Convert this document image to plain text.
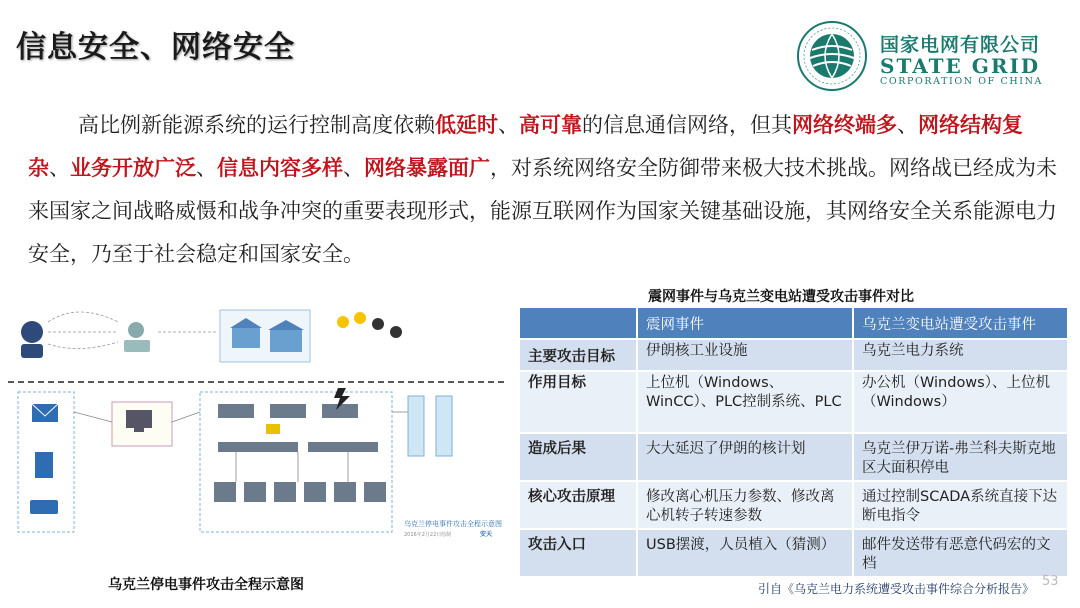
信息安全、网络安全	国家电网有限公司
STATE GRID
CORPORATION OF CHINA
高比例新能源系统的运行控制高度依赖低延时、高可靠的信息通信网络，但其网络终端多、网络结构复杂、业务开放广泛、信息内容多样、网络暴露面广，对系统网络安全防御带来极大技术挑战。网络战已经成为未来国家之间战略威慑和战争冲突的重要表现形式，能源互联网作为国家关键基础设施，其网络安全关系能源电力安全，乃至于社会稳定和国家安全。
乌克兰停电事件攻击全程示意图
2016年2月22日绘制	安天
乌克兰停电事件攻击全程示意图
震网事件与乌克兰变电站遭受攻击事件对比
	震网事件	乌克兰变电站遭受攻击事件
主要攻击目标	伊朗核工业设施	乌克兰电力系统
作用目标	上位机（Windows、WinCC）、PLC控制系统、PLC	办公机（Windows）、上位机（Windows）
造成后果	大大延迟了伊朗的核计划	乌克兰伊万诺-弗兰科夫斯克地区大面积停电
核心攻击原理	修改离心机压力参数、修改离心机转子转速参数	通过控制SCADA系统直接下达断电指令
攻击入口	USB摆渡，人员植入（猜测）	邮件发送带有恶意代码宏的文档
53
引自《乌克兰电力系统遭受攻击事件综合分析报告》
